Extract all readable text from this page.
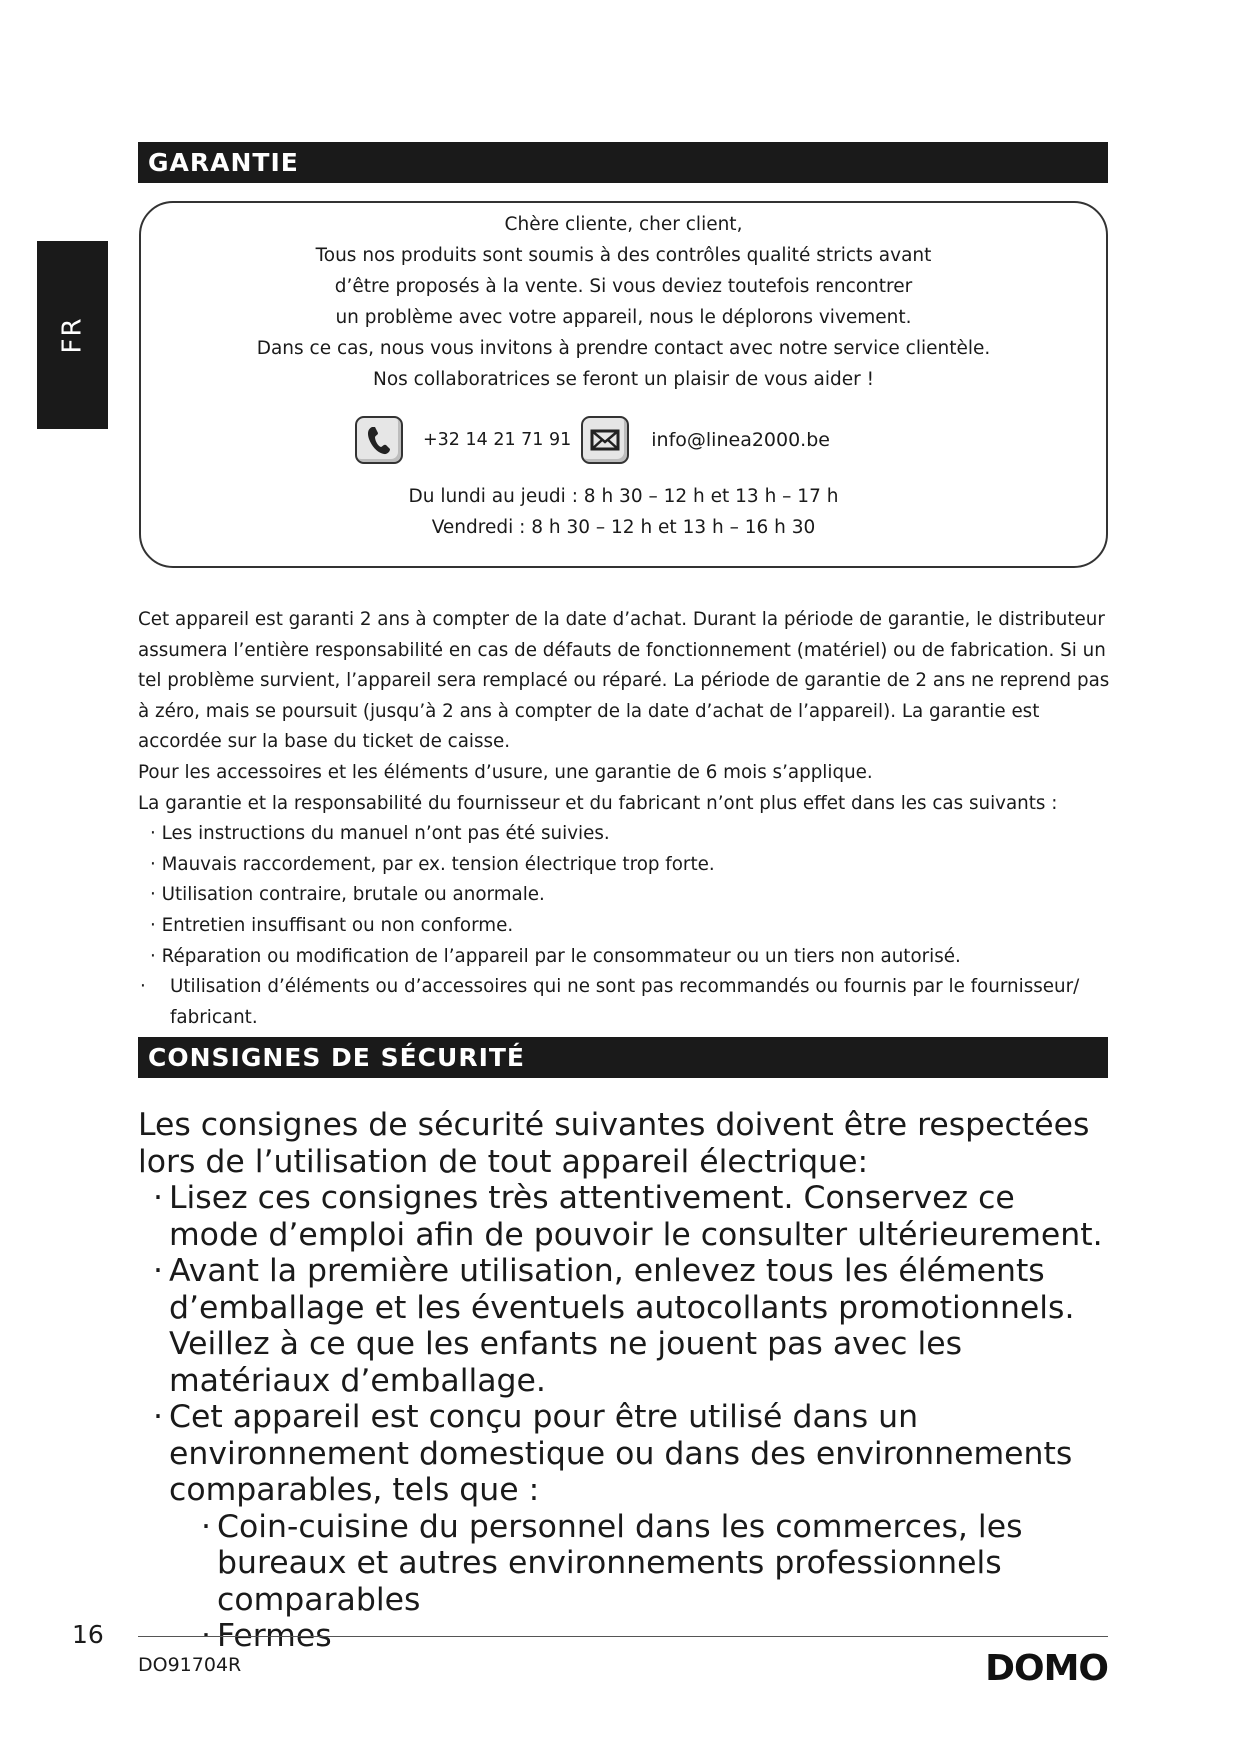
FR
GARANTIE
Chère cliente, cher client,
Tous nos produits sont soumis à des contrôles qualité stricts avant
d’être proposés à la vente. Si vous deviez toutefois rencontrer
un problème avec votre appareil, nous le déplorons vivement.
Dans ce cas, nous vous invitons à prendre contact avec notre service clientèle.
Nos collaboratrices se feront un plaisir de vous aider !
+32 14 21 71 91	info@linea2000.be
Du lundi au jeudi : 8 h 30 – 12 h et 13 h – 17 h
Vendredi : 8 h 30 – 12 h et 13 h – 16 h 30

Cet appareil est garanti 2 ans à compter de la date d’achat. Durant la période de garantie, le distributeur assumera l’entière responsabilité en cas de défauts de fonctionnement (matériel) ou de fabrication. Si un tel problème survient, l’appareil sera remplacé ou réparé. La période de garantie de 2 ans ne reprend pas à zéro, mais se poursuit (jusqu’à 2 ans à compter de la date d’achat de l’appareil). La garantie est accordée sur la base du ticket de caisse.

Pour les accessoires et les éléments d’usure, une garantie de 6 mois s’applique.

La garantie et la responsabilité du fournisseur et du fabricant n’ont plus effet dans les cas suivants :

· Les instructions du manuel n’ont pas été suivies.

· Mauvais raccordement, par ex. tension électrique trop forte.

· Utilisation contraire, brutale ou anormale.

· Entretien insuffisant ou non conforme.

· Réparation ou modification de l’appareil par le consommateur ou un tiers non autorisé.

·	Utilisation d’éléments ou d’accessoires qui ne sont pas recommandés ou fournis par le fournisseur/ fabricant.
CONSIGNES DE SÉCURITÉ

Les consignes de sécurité suivantes doivent être respectées lors de l’utilisation de tout appareil électrique:

· Lisez ces consignes très attentivement. Conservez ce mode d’emploi afin de pouvoir le consulter ultérieurement.
· Avant la première utilisation, enlevez tous les éléments d’emballage et les éventuels autocollants promotionnels. Veillez à ce que les enfants ne jouent pas avec les matériaux d’emballage.
· Cet appareil est conçu pour être utilisé dans un environnement domestique ou dans des environnements comparables, tels que :
· Coin-cuisine du personnel dans les commerces, les bureaux et autres environnements professionnels comparables
· Fermes
16
DO91704R	DOMO
